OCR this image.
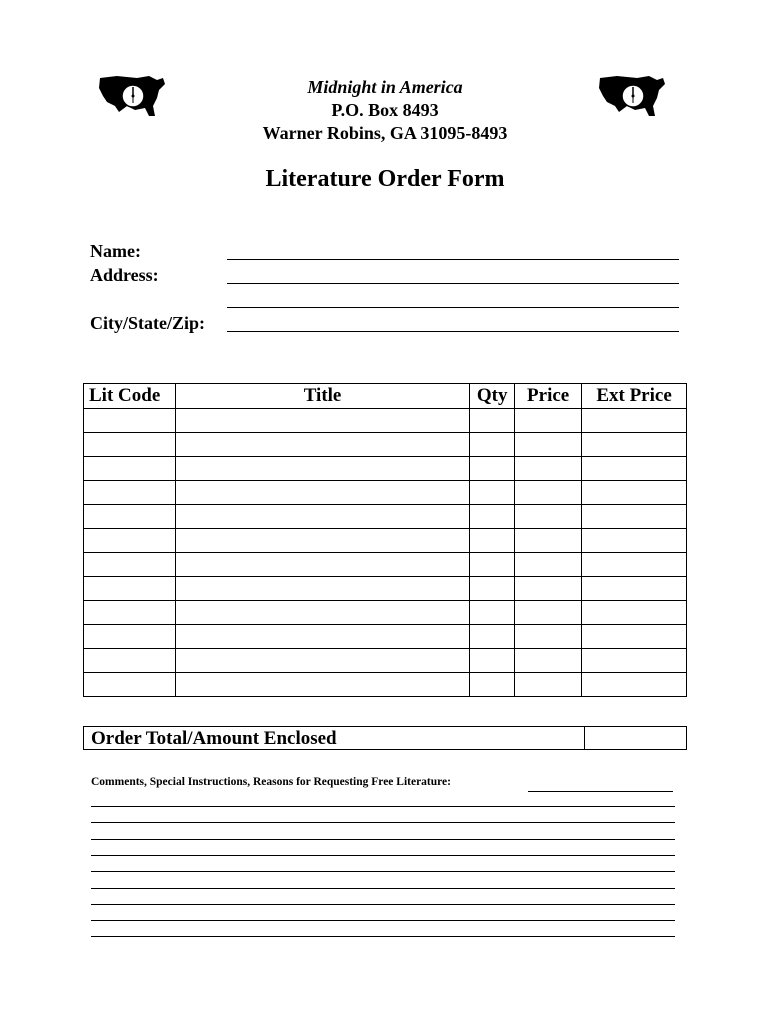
Midnight in America
P.O. Box 8493
Warner Robins, GA 31095-8493
Literature Order Form
Name:
Address:
City/State/Zip:
Lit Code	Title	Qty	Price	Ext Price

Order Total/Amount Enclosed
Comments, Special Instructions, Reasons for Requesting Free Literature:
